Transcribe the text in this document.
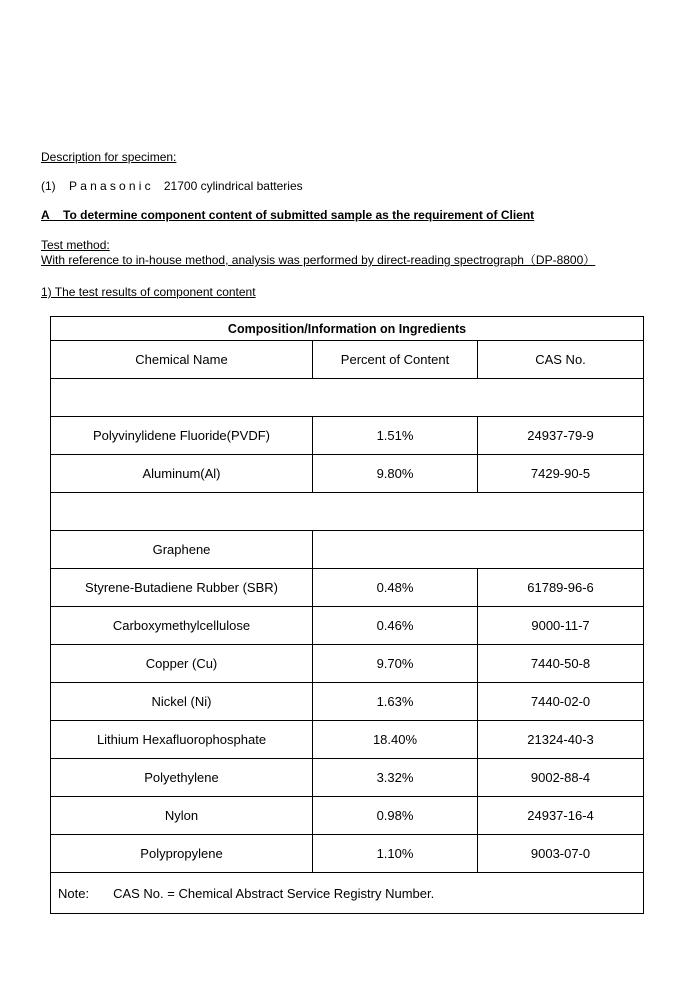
Description for specimen:
(1) Panasonic 21700 cylindrical batteries
A To determine component content of submitted sample as the requirement of Client
Test method:
With reference to in-house method, analysis was performed by direct-reading spectrograph（DP-8800）
1) The test results of component content
Composition/Information on Ingredients		
Chemical Name	Percent of Content	CAS No.

Polyvinylidene Fluoride(PVDF)	1.51%	24937-79-9
Aluminum(Al)	9.80%	7429-90-5

Graphene		
Styrene-Butadiene Rubber (SBR)	0.48%	61789-96-6
Carboxymethylcellulose	0.46%	9000-11-7
Copper (Cu)	9.70%	7440-50-8
Nickel (Ni)	1.63%	7440-02-0
Lithium Hexafluorophosphate	18.40%	21324-40-3
Polyethylene	3.32%	9002-88-4
Nylon	0.98%	24937-16-4
Polypropylene	1.10%	9003-07-0
Note: CAS No. = Chemical Abstract Service Registry Number.		
